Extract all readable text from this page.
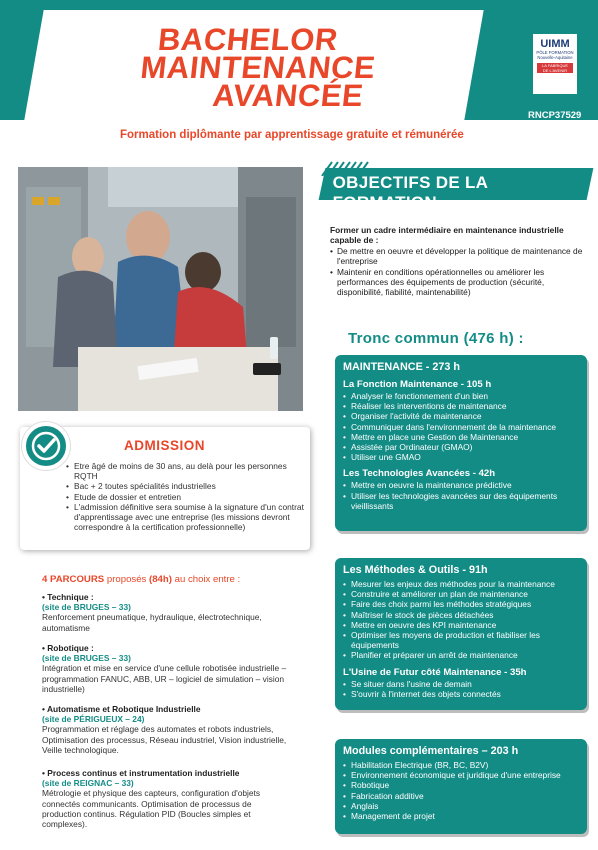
BACHELOR
MAINTENANCE
AVANCÉE
UIMM
PÔLE FORMATION
Nouvelle-Aquitaine
LA FABRIQUE
DE L'AVENIR
RNCP37529
Formation diplômante par apprentissage gratuite et rémunérée
OBJECTIFS DE LA FORMATION
Former un cadre intermédiaire en maintenance industrielle capable de :
• De mettre en oeuvre et développer la politique de maintenance de l'entreprise
• Maintenir en conditions opérationnelles ou améliorer les performances des équipements de production (sécurité, disponibilité, fiabilité, maintenabilité)
Tronc commun (476 h) :
MAINTENANCE - 273 h
La Fonction Maintenance - 105 h
• Analyser le fonctionnement d'un bien
• Réaliser les interventions de maintenance
• Organiser l'activité de maintenance
• Communiquer dans l'environnement de la maintenance
• Mettre en place une Gestion de Maintenance
• Assistée par Ordinateur (GMAO)
• Utiliser une GMAO
Les Technologies Avancées - 42h
• Mettre en oeuvre la maintenance prédictive
• Utiliser les technologies avancées sur des équipements vieillissants
Les Méthodes & Outils - 91h
• Mesurer les enjeux des méthodes pour la maintenance
• Construire et améliorer un plan de maintenance
• Faire des choix parmi les méthodes stratégiques
• Maîtriser le stock de pièces détachées
• Mettre en oeuvre des KPI maintenance
• Optimiser les moyens de production et fiabiliser les équipements
• Planifier et préparer un arrêt de maintenance
L'Usine de Futur côté Maintenance - 35h
• Se situer dans l'usine de demain
• S'ouvrir à l'internet des objets connectés
Modules complémentaires – 203 h
• Habilitation Electrique (BR, BC, B2V)
• Environnement économique et juridique d'une entreprise
• Robotique
• Fabrication additive
• Anglais
• Management de projet
ADMISSION
• Etre âgé de moins de 30 ans, au delà pour les personnes RQTH
• Bac + 2 toutes spécialités industrielles
• Etude de dossier et entretien
• L'admission définitive sera soumise à la signature d'un contrat d'apprentissage avec une entreprise (les missions devront correspondre à la certification professionnelle)
4 PARCOURS proposés (84h) au choix entre :
• Technique :
(site de BRUGES – 33)
Renforcement pneumatique, hydraulique, électrotechnique, automatisme
• Robotique :
(site de BRUGES – 33)
Intégration et mise en service d'une cellule robotisée industrielle – programmation FANUC, ABB, UR – logiciel de simulation – vision industrielle)
• Automatisme et Robotique Industrielle
(site de PÉRIGUEUX – 24)
Programmation et réglage des automates et robots industriels, Optimisation des processus, Réseau industriel, Vision industrielle, Veille technologique.
• Process continus et instrumentation industrielle
(site de REIGNAC – 33)
Métrologie et physique des capteurs, configuration d'objets connectés communicants. Optimisation de processus de production continus. Régulation PID (Boucles simples et complexes).
